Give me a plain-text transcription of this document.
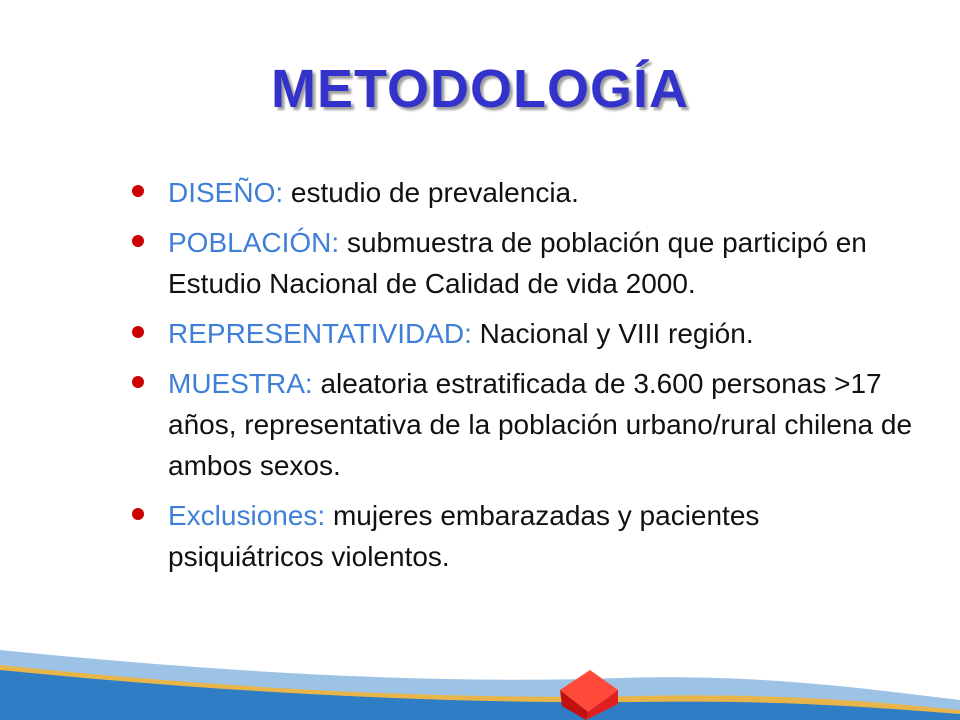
METODOLOGÍA
DISEÑO: estudio de prevalencia.
POBLACIÓN: submuestra de población que participó en Estudio Nacional de Calidad de vida 2000.
REPRESENTATIVIDAD: Nacional y VIII región.
MUESTRA: aleatoria estratificada de 3.600 personas >17 años, representativa de la población urbano/rural chilena de ambos sexos.
Exclusiones: mujeres embarazadas y pacientes psiquiátricos violentos.
